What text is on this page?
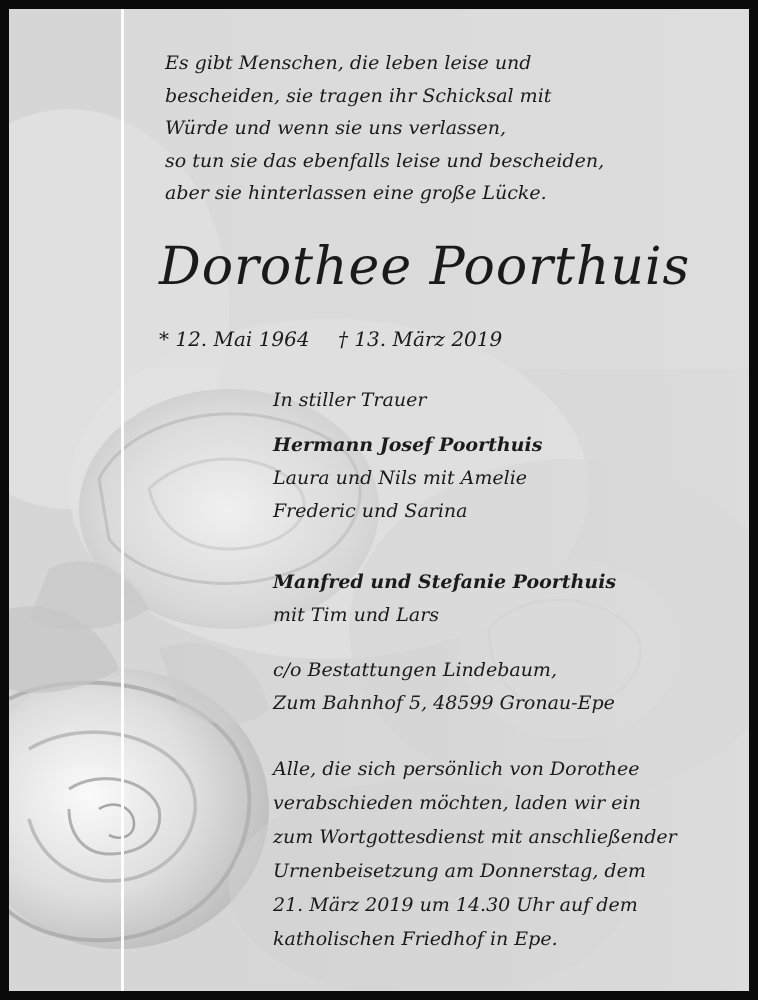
Es gibt Menschen, die leben leise und
bescheiden, sie tragen ihr Schicksal mit
Würde und wenn sie uns verlassen,
so tun sie das ebenfalls leise und bescheiden,
aber sie hinterlassen eine große Lücke.
Dorothee Poorthuis
* 12. Mai 1964 † 13. März 2019
In stiller Trauer
Hermann Josef Poorthuis
Laura und Nils mit Amelie
Frederic und Sarina
Manfred und Stefanie Poorthuis
mit Tim und Lars
c/o Bestattungen Lindebaum,
Zum Bahnhof 5, 48599 Gronau-Epe
Alle, die sich persönlich von Dorothee
verabschieden möchten, laden wir ein
zum Wortgottesdienst mit anschließender
Urnenbeisetzung am Donnerstag, dem
21. März 2019 um 14.30 Uhr auf dem
katholischen Friedhof in Epe.
